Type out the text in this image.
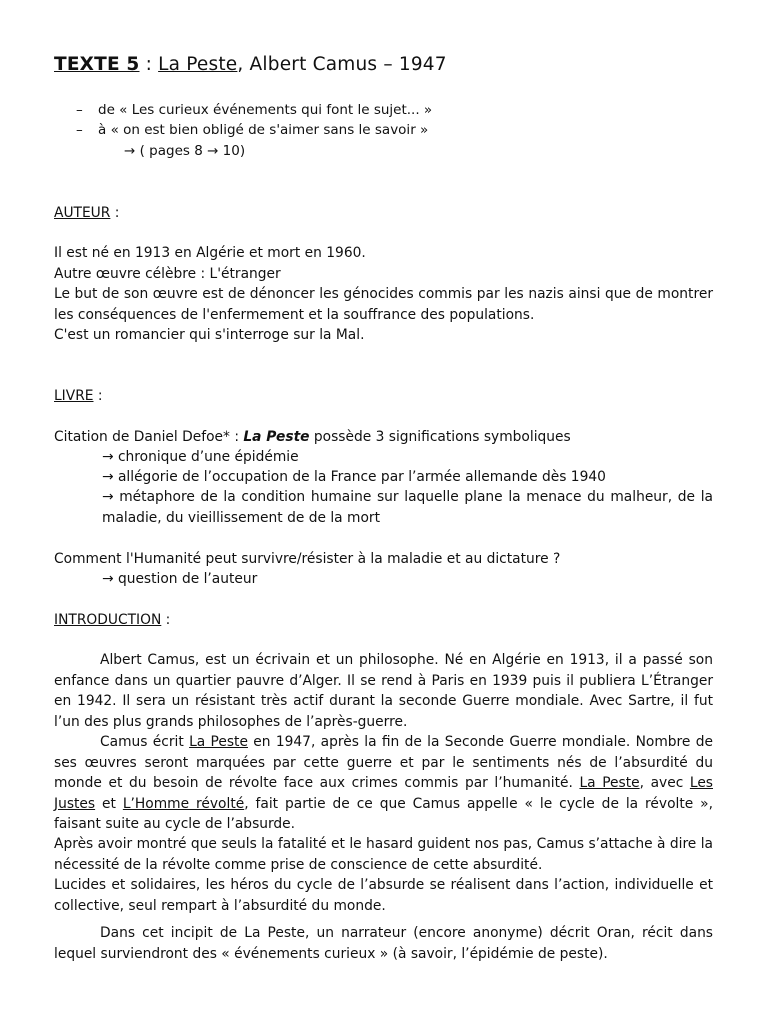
TEXTE 5 : La Peste, Albert Camus – 1947
– de « Les curieux événements qui font le sujet... »
– à « on est bien obligé de s'aimer sans le savoir »
→ ( pages 8 → 10)
AUTEUR :
Il est né en 1913 en Algérie et mort en 1960.
Autre œuvre célèbre : L'étranger

Le but de son œuvre est de dénoncer les génocides commis par les nazis ainsi que de montrer les conséquences de l'enfermement et la souffrance des populations.

C'est un romancier qui s'interroge sur la Mal.
LIVRE :
Citation de Daniel Defoe* : La Peste possède 3 significations symboliques
→ chronique d’une épidémie
→ allégorie de l’occupation de la France par l’armée allemande dès 1940

→ métaphore de la condition humaine sur laquelle plane la menace du malheur, de la maladie, du vieillissement de de la mort

Comment l'Humanité peut survivre/résister à la maladie et au dictature ?
→ question de l’auteur
INTRODUCTION :

Albert Camus, est un écrivain et un philosophe. Né en Algérie en 1913, il a passé son enfance dans un quartier pauvre d’Alger. Il se rend à Paris en 1939 puis il publiera L’Étranger en 1942. Il sera un résistant très actif durant la seconde Guerre mondiale. Avec Sartre, il fut l’un des plus grands philosophes de l’après-guerre.

Camus écrit La Peste en 1947, après la fin de la Seconde Guerre mondiale. Nombre de ses œuvres seront marquées par cette guerre et par le sentiments nés de l’absurdité du monde et du besoin de révolte face aux crimes commis par l’humanité. La Peste, avec Les Justes et L’Homme révolté, fait partie de ce que Camus appelle « le cycle de la révolte », faisant suite au cycle de l’absurde.

Après avoir montré que seuls la fatalité et le hasard guident nos pas, Camus s’attache à dire la nécessité de la révolte comme prise de conscience de cette absurdité.

Lucides et solidaires, les héros du cycle de l’absurde se réalisent dans l’action, individuelle et collective, seul rempart à l’absurdité du monde.

Dans cet incipit de La Peste, un narrateur (encore anonyme) décrit Oran, récit dans lequel surviendront des « événements curieux » (à savoir, l’épidémie de peste).
